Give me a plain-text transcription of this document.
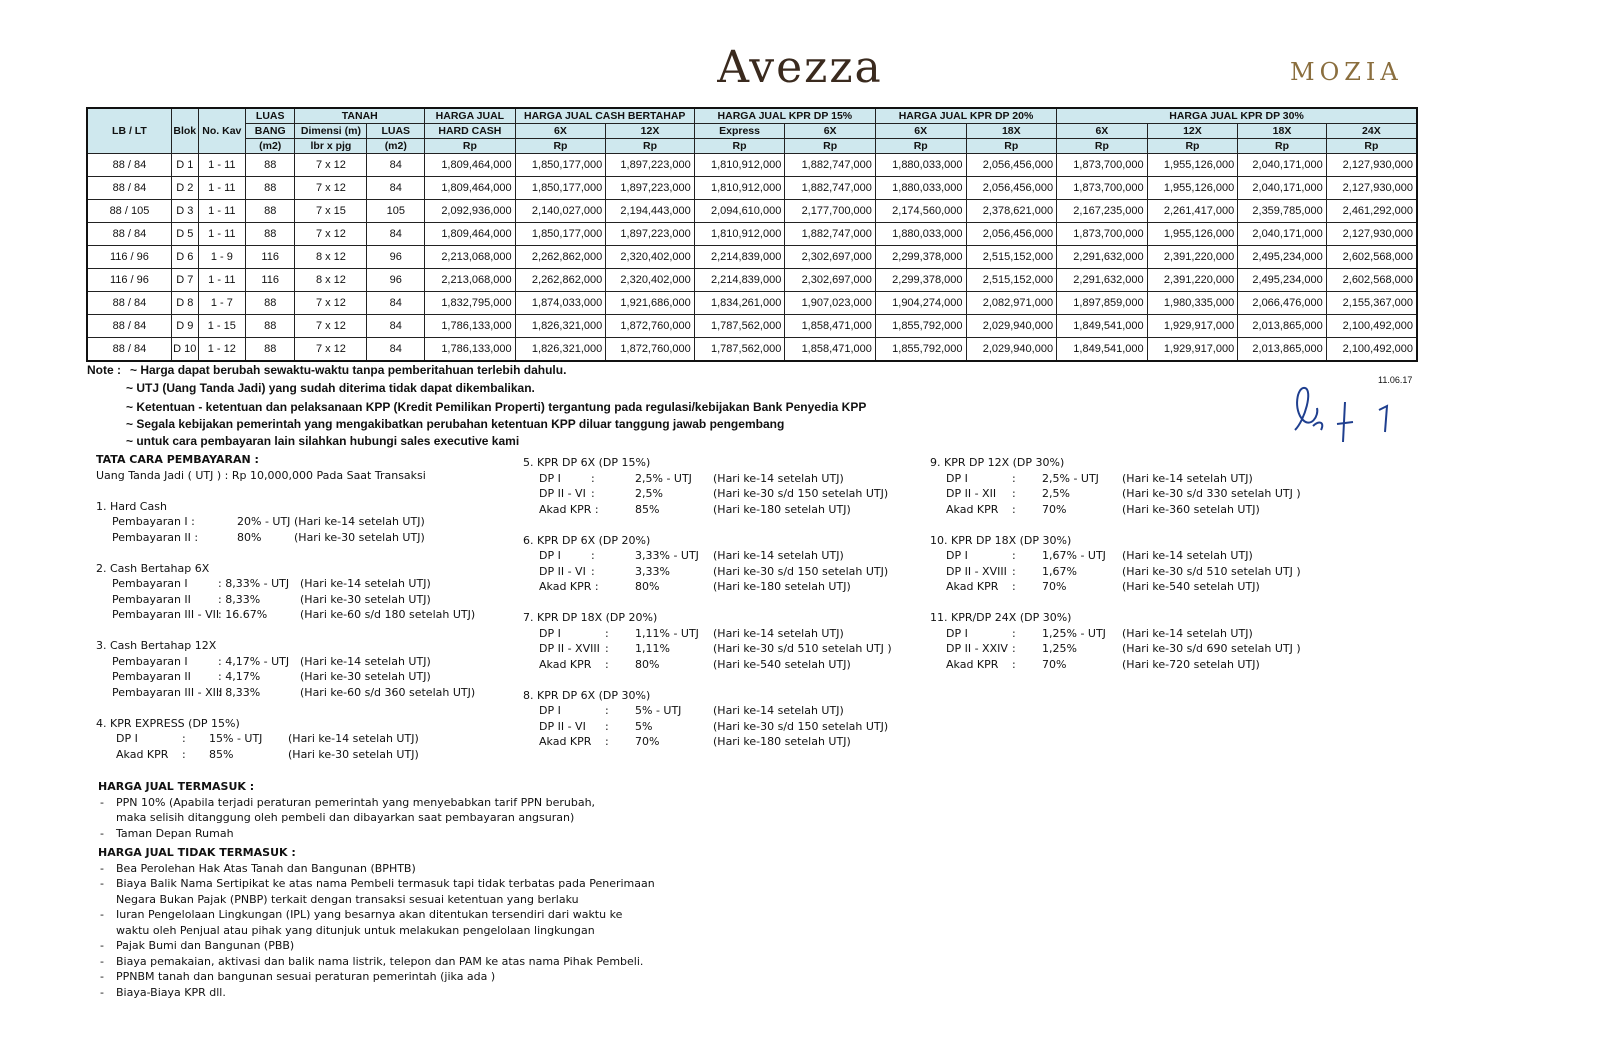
Avezza	MOZIA
LB / LT	Blok	No. Kav	LUAS	TANAH		HARGA JUAL	HARGA JUAL CASH BERTAHAP		HARGA JUAL KPR DP 15%		HARGA JUAL KPR DP 20%		HARGA JUAL KPR DP 30%			
			BANG	Dimensi (m)	LUAS	HARD CASH	6X	12X	Express	6X	6X	18X	6X	12X	18X	24X
			(m2)	lbr x pjg	(m2)	Rp	Rp	Rp	Rp	Rp	Rp	Rp	Rp	Rp	Rp	Rp
88 / 84	D 1	1 - 11	88	7 x 12	84	1,809,464,000	1,850,177,000	1,897,223,000	1,810,912,000	1,882,747,000	1,880,033,000	2,056,456,000	1,873,700,000	1,955,126,000	2,040,171,000	2,127,930,000
88 / 84	D 2	1 - 11	88	7 x 12	84	1,809,464,000	1,850,177,000	1,897,223,000	1,810,912,000	1,882,747,000	1,880,033,000	2,056,456,000	1,873,700,000	1,955,126,000	2,040,171,000	2,127,930,000
88 / 105	D 3	1 - 11	88	7 x 15	105	2,092,936,000	2,140,027,000	2,194,443,000	2,094,610,000	2,177,700,000	2,174,560,000	2,378,621,000	2,167,235,000	2,261,417,000	2,359,785,000	2,461,292,000
88 / 84	D 5	1 - 11	88	7 x 12	84	1,809,464,000	1,850,177,000	1,897,223,000	1,810,912,000	1,882,747,000	1,880,033,000	2,056,456,000	1,873,700,000	1,955,126,000	2,040,171,000	2,127,930,000
116 / 96	D 6	1 - 9	116	8 x 12	96	2,213,068,000	2,262,862,000	2,320,402,000	2,214,839,000	2,302,697,000	2,299,378,000	2,515,152,000	2,291,632,000	2,391,220,000	2,495,234,000	2,602,568,000
116 / 96	D 7	1 - 11	116	8 x 12	96	2,213,068,000	2,262,862,000	2,320,402,000	2,214,839,000	2,302,697,000	2,299,378,000	2,515,152,000	2,291,632,000	2,391,220,000	2,495,234,000	2,602,568,000
88 / 84	D 8	1 - 7	88	7 x 12	84	1,832,795,000	1,874,033,000	1,921,686,000	1,834,261,000	1,907,023,000	1,904,274,000	2,082,971,000	1,897,859,000	1,980,335,000	2,066,476,000	2,155,367,000
88 / 84	D 9	1 - 15	88	7 x 12	84	1,786,133,000	1,826,321,000	1,872,760,000	1,787,562,000	1,858,471,000	1,855,792,000	2,029,940,000	1,849,541,000	1,929,917,000	2,013,865,000	2,100,492,000
88 / 84	D 10	1 - 12	88	7 x 12	84	1,786,133,000	1,826,321,000	1,872,760,000	1,787,562,000	1,858,471,000	1,855,792,000	2,029,940,000	1,849,541,000	1,929,917,000	2,013,865,000	2,100,492,000
Note : ~ Harga dapat berubah sewaktu-waktu tanpa pemberitahuan terlebih dahulu.
~ UTJ (Uang Tanda Jadi) yang sudah diterima tidak dapat dikembalikan.
~ Ketentuan - ketentuan dan pelaksanaan KPP (Kredit Pemilikan Properti) tergantung pada regulasi/kebijakan Bank Penyedia KPP
~ Segala kebijakan pemerintah yang mengakibatkan perubahan ketentuan KPP diluar tanggung jawab pengembang
~ untuk cara pembayaran lain silahkan hubungi sales executive kami
11.06.17
TATA CARA PEMBAYARAN :
Uang Tanda Jadi ( UTJ ) : Rp 10,000,000 Pada Saat Transaksi
1. Hard Cash
Pembayaran I :	20% - UTJ (Hari ke-14 setelah UTJ)
Pembayaran II :	80%	(Hari ke-30 setelah UTJ)
2. Cash Bertahap 6X
Pembayaran I	: 8,33% - UTJ (Hari ke-14 setelah UTJ)
Pembayaran II : 8,33%	(Hari ke-30 setelah UTJ)
Pembayaran III - VII
: 16.67%	(Hari ke-60 s/d 180 setelah UTJ)
3. Cash Bertahap 12X
Pembayaran I	: 4,17% - UTJ (Hari ke-14 setelah UTJ)
Pembayaran II : 4,17%	(Hari ke-30 setelah UTJ)
Pembayaran III - XIII
: 8,33%	(Hari ke-60 s/d 360 setelah UTJ)
4. KPR EXPRESS (DP 15%)
DP I	: 15% - UTJ (Hari ke-14 setelah UTJ)
Akad KPR : 85%	(Hari ke-30 setelah UTJ)
5. KPR DP 6X (DP 15%)
DP I	:	2,5% - UTJ (Hari ke-14 setelah UTJ)
DP II - VI :	2,5%	(Hari ke-30 s/d 150 setelah UTJ)
Akad KPR :	85%	(Hari ke-180 setelah UTJ)
6. KPR DP 6X (DP 20%)
DP I	:	3,33% - UTJ (Hari ke-14 setelah UTJ)
DP II - VI :	3,33%	(Hari ke-30 s/d 150 setelah UTJ)
Akad KPR :	80%	(Hari ke-180 setelah UTJ)
7. KPR DP 18X (DP 20%)
DP I	: 1,11% - UTJ (Hari ke-14 setelah UTJ)
DP II - XVIII : 1,11%	(Hari ke-30 s/d 510 setelah UTJ )
Akad KPR : 80%	(Hari ke-540 setelah UTJ)
8. KPR DP 6X (DP 30%)
DP I	: 5% - UTJ	(Hari ke-14 setelah UTJ)
DP II - VI : 5%	(Hari ke-30 s/d 150 setelah UTJ)
Akad KPR : 70%	(Hari ke-180 setelah UTJ)
9. KPR DP 12X (DP 30%)
DP I	: 2,5% - UTJ (Hari ke-14 setelah UTJ)
DP II - XII : 2,5%	(Hari ke-30 s/d 330 setelah UTJ )
Akad KPR : 70%	(Hari ke-360 setelah UTJ)
10. KPR DP 18X (DP 30%)
DP I	: 1,67% - UTJ (Hari ke-14 setelah UTJ)
DP II - XVIII : 1,67%	(Hari ke-30 s/d 510 setelah UTJ )
Akad KPR : 70%	(Hari ke-540 setelah UTJ)
11. KPR/DP 24X (DP 30%)
DP I	: 1,25% - UTJ (Hari ke-14 setelah UTJ)
DP II - XXIV : 1,25%	(Hari ke-30 s/d 690 setelah UTJ )
Akad KPR : 70%	(Hari ke-720 setelah UTJ)
HARGA JUAL TERMASUK :
- PPN 10% (Apabila terjadi peraturan pemerintah yang menyebabkan tarif PPN berubah,
maka selisih ditanggung oleh pembeli dan dibayarkan saat pembayaran angsuran)
- Taman Depan Rumah
HARGA JUAL TIDAK TERMASUK :
- Bea Perolehan Hak Atas Tanah dan Bangunan (BPHTB)
- Biaya Balik Nama Sertipikat ke atas nama Pembeli termasuk tapi tidak terbatas pada Penerimaan
Negara Bukan Pajak (PNBP) terkait dengan transaksi sesuai ketentuan yang berlaku
- Iuran Pengelolaan Lingkungan (IPL) yang besarnya akan ditentukan tersendiri dari waktu ke
waktu oleh Penjual atau pihak yang ditunjuk untuk melakukan pengelolaan lingkungan
- Pajak Bumi dan Bangunan (PBB)
- Biaya pemakaian, aktivasi dan balik nama listrik, telepon dan PAM ke atas nama Pihak Pembeli.
- PPNBM tanah dan bangunan sesuai peraturan pemerintah (jika ada )
- Biaya-Biaya KPR dll.
